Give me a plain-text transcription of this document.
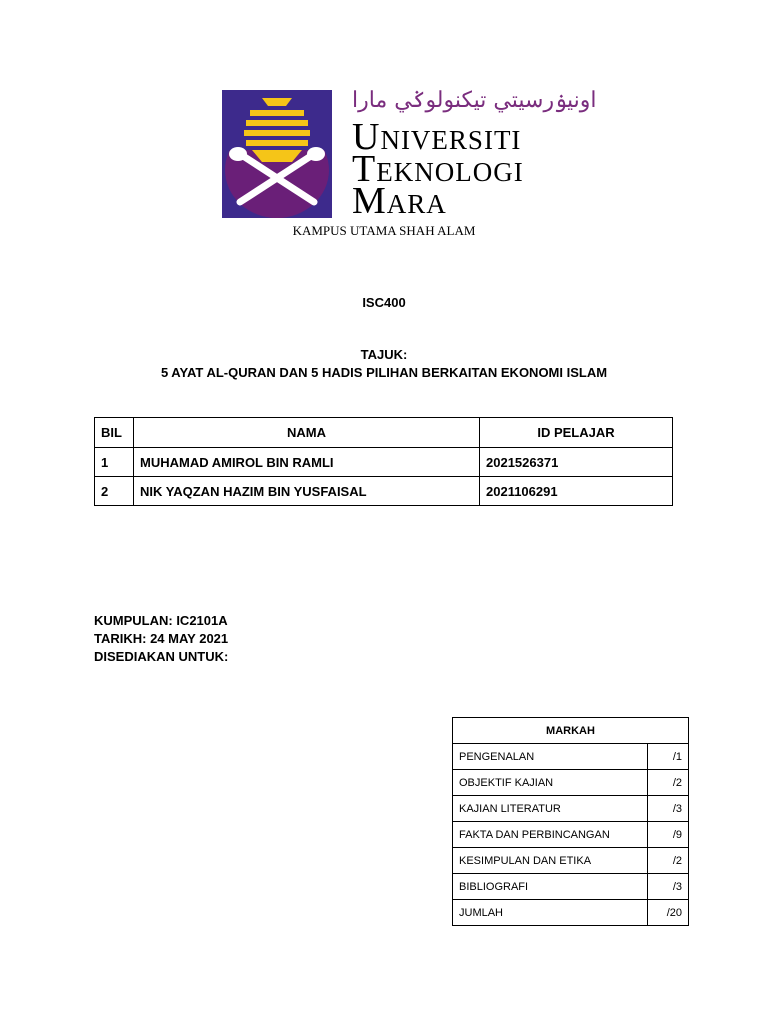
اونيۏرسيتي تيکنولوݢي مارا
Universiti
Teknologi
Mara
KAMPUS UTAMA SHAH ALAM
ISC400
TAJUK:
5 AYAT AL-QURAN DAN 5 HADIS PILIHAN BERKAITAN EKONOMI ISLAM
BIL	NAMA	ID PELAJAR
1	MUHAMAD AMIROL BIN RAMLI	2021526371
2	NIK YAQZAN HAZIM BIN YUSFAISAL	2021106291
KUMPULAN: IC2101A
TARIKH: 24 MAY 2021
DISEDIAKAN UNTUK:
MARKAH	
PENGENALAN	/1
OBJEKTIF KAJIAN	/2
KAJIAN LITERATUR	/3
FAKTA DAN PERBINCANGAN	/9
KESIMPULAN DAN ETIKA	/2
BIBLIOGRAFI	/3
JUMLAH	/20
